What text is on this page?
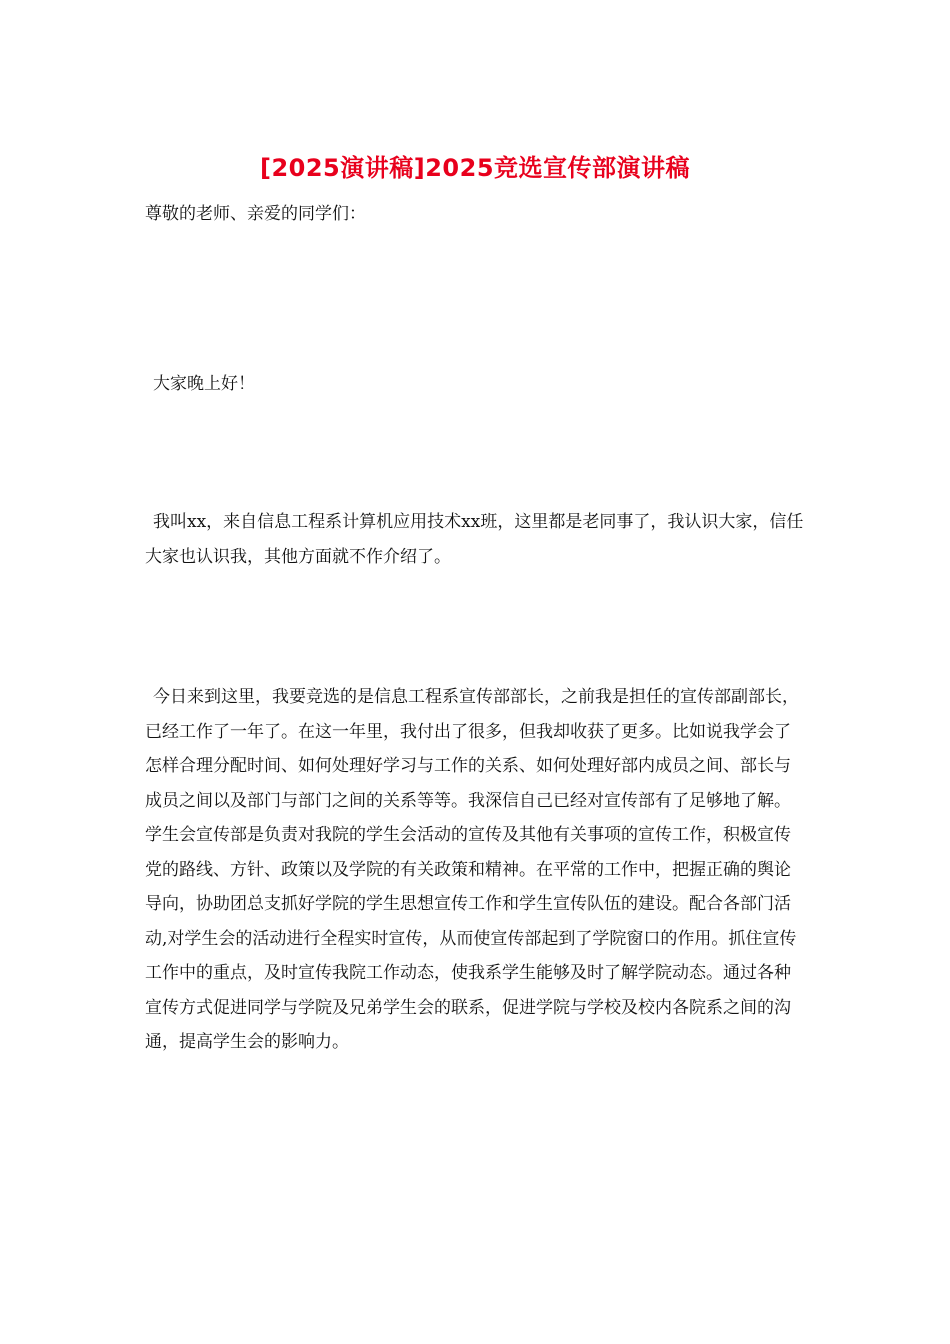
[2025演讲稿]2025竞选宣传部演讲稿

尊敬的老师、亲爱的同学们：

大家晚上好！

我叫xx，来自信息工程系计算机应用技术xx班，这里都是老同事了，我认识大家，信任大家也认识我，其他方面就不作介绍了。

今日来到这里，我要竞选的是信息工程系宣传部部长，之前我是担任的宣传部副部长，已经工作了一年了。在这一年里，我付出了很多，但我却收获了更多。比如说我学会了怎样合理分配时间、如何处理好学习与工作的关系、如何处理好部内成员之间、部长与成员之间以及部门与部门之间的关系等等。我深信自己已经对宣传部有了足够地了解。学生会宣传部是负责对我院的学生会活动的宣传及其他有关事项的宣传工作，积极宣传党的路线、方针、政策以及学院的有关政策和精神。在平常的工作中，把握正确的舆论导向，协助团总支抓好学院的学生思想宣传工作和学生宣传队伍的建设。配合各部门活动,对学生会的活动进行全程实时宣传，从而使宣传部起到了学院窗口的作用。抓住宣传工作中的重点，及时宣传我院工作动态，使我系学生能够及时了解学院动态。通过各种宣传方式促进同学与学院及兄弟学生会的联系，促进学院与学校及校内各院系之间的沟通，提高学生会的影响力。
